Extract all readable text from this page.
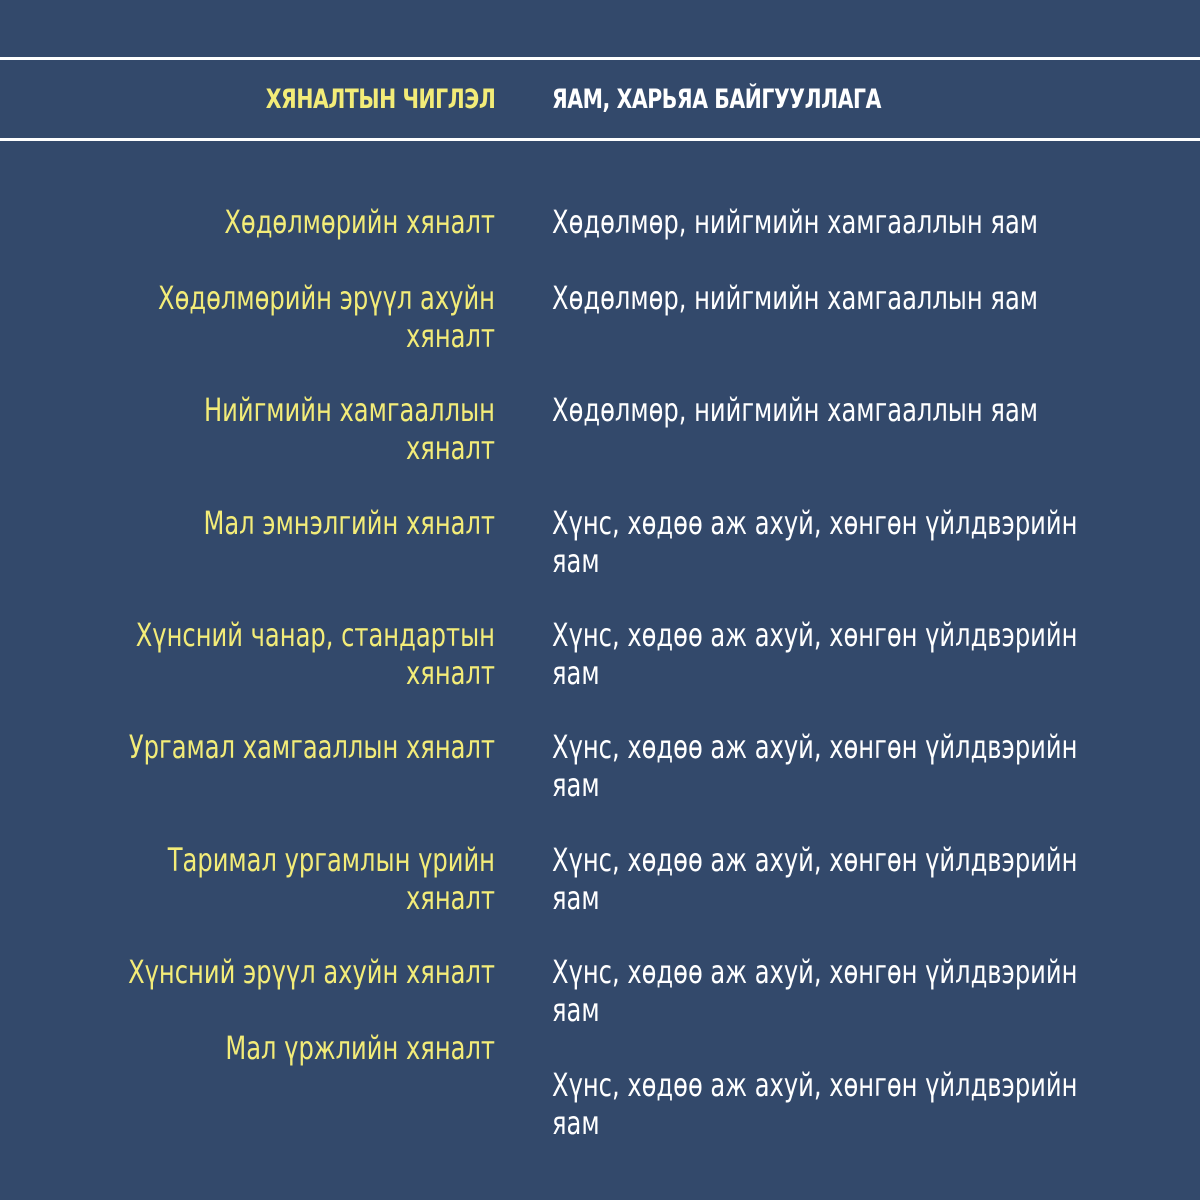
ХЯНАЛТЫН ЧИГЛЭЛ ЯАМ, ХАРЬЯА БАЙГУУЛЛАГА
Хөдөлмөрийн хяналт Хөдөлмөр, нийгмийн хамгааллын яам
Хөдөлмөрийн эрүүл ахуйн
хяналт
Хөдөлмөр, нийгмийн хамгааллын яам
Нийгмийн хамгааллын
хяналт
Хөдөлмөр, нийгмийн хамгааллын яам
Мал эмнэлгийн хяналт Хүнс, хөдөө аж ахуй, хөнгөн үйлдвэрийн
яам
Хүнсний чанар, стандартын
хяналт
Хүнс, хөдөө аж ахуй, хөнгөн үйлдвэрийн
яам
Ургамал хамгааллын хяналт Хүнс, хөдөө аж ахуй, хөнгөн үйлдвэрийн
яам
Таримал ургамлын үрийн
хяналт
Хүнс, хөдөө аж ахуй, хөнгөн үйлдвэрийн
яам
Хүнсний эрүүл ахуйн хяналт Хүнс, хөдөө аж ахуй, хөнгөн үйлдвэрийн
яам
Мал үржлийн хяналт
Хүнс, хөдөө аж ахуй, хөнгөн үйлдвэрийн
яам
